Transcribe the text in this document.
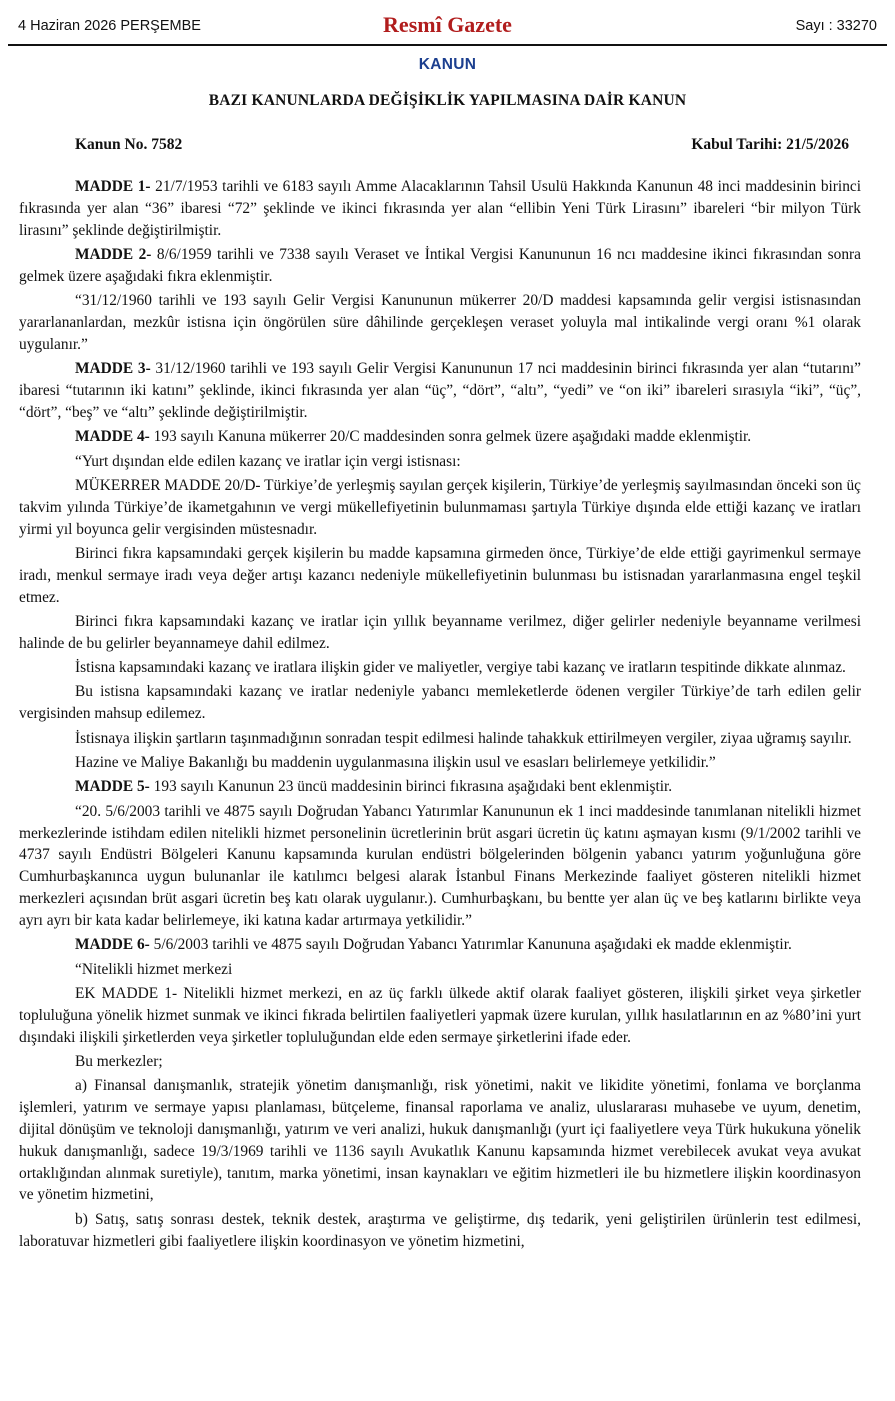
4 Haziran 2026 PERŞEMBE	Resmî Gazete	Sayı : 33270
KANUN
BAZI KANUNLARDA DEĞİŞİKLİK YAPILMASINA DAİR KANUN
Kanun No. 7582	Kabul Tarihi: 21/5/2026

MADDE 1- 21/7/1953 tarihli ve 6183 sayılı Amme Alacaklarının Tahsil Usulü Hakkında Kanunun 48 inci maddesinin birinci fıkrasında yer alan “36” ibaresi “72” şeklinde ve ikinci fıkrasında yer alan “ellibin Yeni Türk Lirasını” ibareleri “bir milyon Türk lirasını” şeklinde değiştirilmiştir.

MADDE 2- 8/6/1959 tarihli ve 7338 sayılı Veraset ve İntikal Vergisi Kanununun 16 ncı maddesine ikinci fıkrasından sonra gelmek üzere aşağıdaki fıkra eklenmiştir.

“31/12/1960 tarihli ve 193 sayılı Gelir Vergisi Kanununun mükerrer 20/D maddesi kapsamında gelir vergisi istisnasından yararlananlardan, mezkûr istisna için öngörülen süre dâhilinde gerçekleşen veraset yoluyla mal intikalinde vergi oranı %1 olarak uygulanır.”

MADDE 3- 31/12/1960 tarihli ve 193 sayılı Gelir Vergisi Kanununun 17 nci maddesinin birinci fıkrasında yer alan “tutarını” ibaresi “tutarının iki katını” şeklinde, ikinci fıkrasında yer alan “üç”, “dört”, “altı”, “yedi” ve “on iki” ibareleri sırasıyla “iki”, “üç”, “dört”, “beş” ve “altı” şeklinde değiştirilmiştir.

MADDE 4- 193 sayılı Kanuna mükerrer 20/C maddesinden sonra gelmek üzere aşağıdaki madde eklenmiştir.

“Yurt dışından elde edilen kazanç ve iratlar için vergi istisnası:

MÜKERRER MADDE 20/D- Türkiye’de yerleşmiş sayılan gerçek kişilerin, Türkiye’de yerleşmiş sayılmasından önceki son üç takvim yılında Türkiye’de ikametgahının ve vergi mükellefiyetinin bulunmaması şartıyla Türkiye dışında elde ettiği kazanç ve iratları yirmi yıl boyunca gelir vergisinden müstesnadır.

Birinci fıkra kapsamındaki gerçek kişilerin bu madde kapsamına girmeden önce, Türkiye’de elde ettiği gayrimenkul sermaye iradı, menkul sermaye iradı veya değer artışı kazancı nedeniyle mükellefiyetinin bulunması bu istisnadan yararlanmasına engel teşkil etmez.

Birinci fıkra kapsamındaki kazanç ve iratlar için yıllık beyanname verilmez, diğer gelirler nedeniyle beyanname verilmesi halinde de bu gelirler beyannameye dahil edilmez.

İstisna kapsamındaki kazanç ve iratlara ilişkin gider ve maliyetler, vergiye tabi kazanç ve iratların tespitinde dikkate alınmaz.

Bu istisna kapsamındaki kazanç ve iratlar nedeniyle yabancı memleketlerde ödenen vergiler Türkiye’de tarh edilen gelir vergisinden mahsup edilemez.

İstisnaya ilişkin şartların taşınmadığının sonradan tespit edilmesi halinde tahakkuk ettirilmeyen vergiler, ziyaa uğramış sayılır.

Hazine ve Maliye Bakanlığı bu maddenin uygulanmasına ilişkin usul ve esasları belirlemeye yetkilidir.”

MADDE 5- 193 sayılı Kanunun 23 üncü maddesinin birinci fıkrasına aşağıdaki bent eklenmiştir.

“20. 5/6/2003 tarihli ve 4875 sayılı Doğrudan Yabancı Yatırımlar Kanununun ek 1 inci maddesinde tanımlanan nitelikli hizmet merkezlerinde istihdam edilen nitelikli hizmet personelinin ücretlerinin brüt asgari ücretin üç katını aşmayan kısmı (9/1/2002 tarihli ve 4737 sayılı Endüstri Bölgeleri Kanunu kapsamında kurulan endüstri bölgelerinden bölgenin yabancı yatırım yoğunluğuna göre Cumhurbaşkanınca uygun bulunanlar ile katılımcı belgesi alarak İstanbul Finans Merkezinde faaliyet gösteren nitelikli hizmet merkezleri açısından brüt asgari ücretin beş katı olarak uygulanır.). Cumhurbaşkanı, bu bentte yer alan üç ve beş katlarını birlikte veya ayrı ayrı bir kata kadar belirlemeye, iki katına kadar artırmaya yetkilidir.”

MADDE 6- 5/6/2003 tarihli ve 4875 sayılı Doğrudan Yabancı Yatırımlar Kanununa aşağıdaki ek madde eklenmiştir.

“Nitelikli hizmet merkezi

EK MADDE 1- Nitelikli hizmet merkezi, en az üç farklı ülkede aktif olarak faaliyet gösteren, ilişkili şirket veya şirketler topluluğuna yönelik hizmet sunmak ve ikinci fıkrada belirtilen faaliyetleri yapmak üzere kurulan, yıllık hasılatlarının en az %80’ini yurt dışındaki ilişkili şirketlerden veya şirketler topluluğundan elde eden sermaye şirketlerini ifade eder.

Bu merkezler;

a) Finansal danışmanlık, stratejik yönetim danışmanlığı, risk yönetimi, nakit ve likidite yönetimi, fonlama ve borçlanma işlemleri, yatırım ve sermaye yapısı planlaması, bütçeleme, finansal raporlama ve analiz, uluslararası muhasebe ve uyum, denetim, dijital dönüşüm ve teknoloji danışmanlığı, yatırım ve veri analizi, hukuk danışmanlığı (yurt içi faaliyetlere veya Türk hukukuna yönelik hukuk danışmanlığı, sadece 19/3/1969 tarihli ve 1136 sayılı Avukatlık Kanunu kapsamında hizmet verebilecek avukat veya avukat ortaklığından alınmak suretiyle), tanıtım, marka yönetimi, insan kaynakları ve eğitim hizmetleri ile bu hizmetlere ilişkin koordinasyon ve yönetim hizmetini,

b) Satış, satış sonrası destek, teknik destek, araştırma ve geliştirme, dış tedarik, yeni geliştirilen ürünlerin test edilmesi, laboratuvar hizmetleri gibi faaliyetlere ilişkin koordinasyon ve yönetim hizmetini,
